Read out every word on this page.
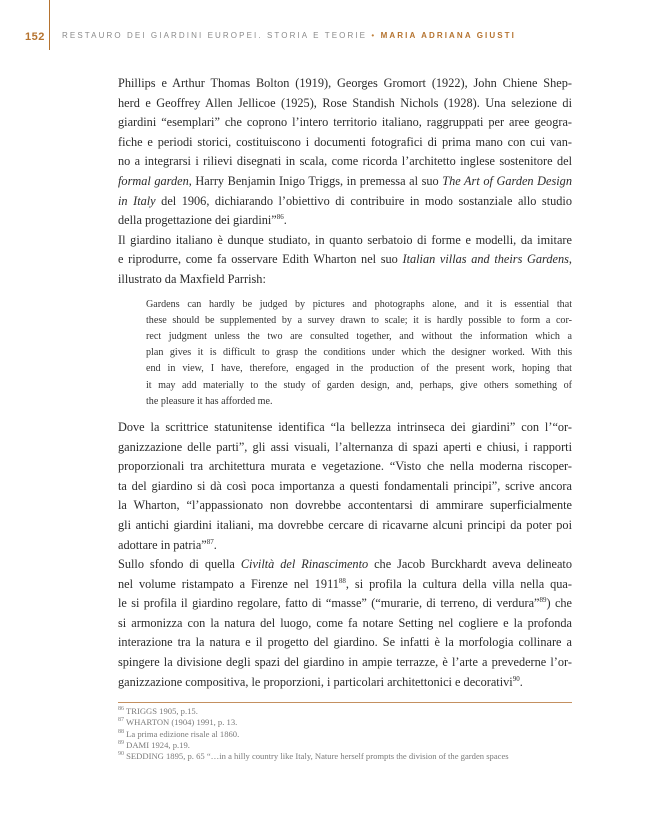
152 RESTAURO DEI GIARDINI EUROPEI. STORIA E TEORIE • MARIA ADRIANA GIUSTI
Phillips e Arthur Thomas Bolton (1919), Georges Gromort (1922), John Chiene Shep-
herd e Geoffrey Allen Jellicoe (1925), Rose Standish Nichols (1928). Una selezione di
giardini “esemplari” che coprono l’intero territorio italiano, raggruppati per aree geogra-
fiche e periodi storici, costituiscono i documenti fotografici di prima mano con cui van-
no a integrarsi i rilievi disegnati in scala, come ricorda l’architetto inglese sostenitore del
formal garden, Harry Benjamin Inigo Triggs, in premessa al suo The Art of Garden Design
in Italy del 1906, dichiarando l’obiettivo di contribuire in modo sostanziale allo studio
della progettazione dei giardini”$^{86}$.
Il giardino italiano è dunque studiato, in quanto serbatoio di forme e modelli, da imitare
e riprodurre, come fa osservare Edith Wharton nel suo Italian villas and theirs Gardens,
illustrato da Maxfield Parrish:
Gardens can hardly be judged by pictures and photographs alone, and it is essential that
these should be supplemented by a survey drawn to scale; it is hardly possible to form a cor-
rect judgment unless the two are consulted together, and without the information which a
plan gives it is difficult to grasp the conditions under which the designer worked. With this
end in view, I have, therefore, engaged in the production of the present work, hoping that
it may add materially to the study of garden design, and, perhaps, give others something of
the pleasure it has afforded me.
Dove la scrittrice statunitense identifica “la bellezza intrinseca dei giardini” con l’“or-
ganizzazione delle parti”, gli assi visuali, l’alternanza di spazi aperti e chiusi, i rapporti
proporzionali tra architettura murata e vegetazione. “Visto che nella moderna riscoper-
ta del giardino si dà così poca importanza a questi fondamentali principi”, scrive ancora
la Wharton, “l’appassionato non dovrebbe accontentarsi di ammirare superficialmente
gli antichi giardini italiani, ma dovrebbe cercare di ricavarne alcuni principi da poter poi
adottare in patria”$^{87}$.
Sullo sfondo di quella Civiltà del Rinascimento che Jacob Burckhardt aveva delineato
nel volume ristampato a Firenze nel 1911$^{88}$, si profila la cultura della villa nella qua-
le si profila il giardino regolare, fatto di “masse” (“murarie, di terreno, di verdura”$^{89}$) che
si armonizza con la natura del luogo, come fa notare Setting nel cogliere e la profonda
interazione tra la natura e il progetto del giardino. Se infatti è la morfologia collinare a
spingere la divisione degli spazi del giardino in ampie terrazze, è l’arte a prevederne l’or-
ganizzazione compositiva, le proporzioni, i particolari architettonici e decorativi$^{90}$.
$^{86}$ TRIGGS 1905, p.15.
$^{87}$ WHARTON (1904) 1991, p. 13.
$^{88}$ La prima edizione risale al 1860.
$^{89}$ DAMI 1924, p.19.
$^{90}$ SEDDING 1895, p. 65 “…in a hilly country like Italy, Nature herself prompts the division of the garden spaces
